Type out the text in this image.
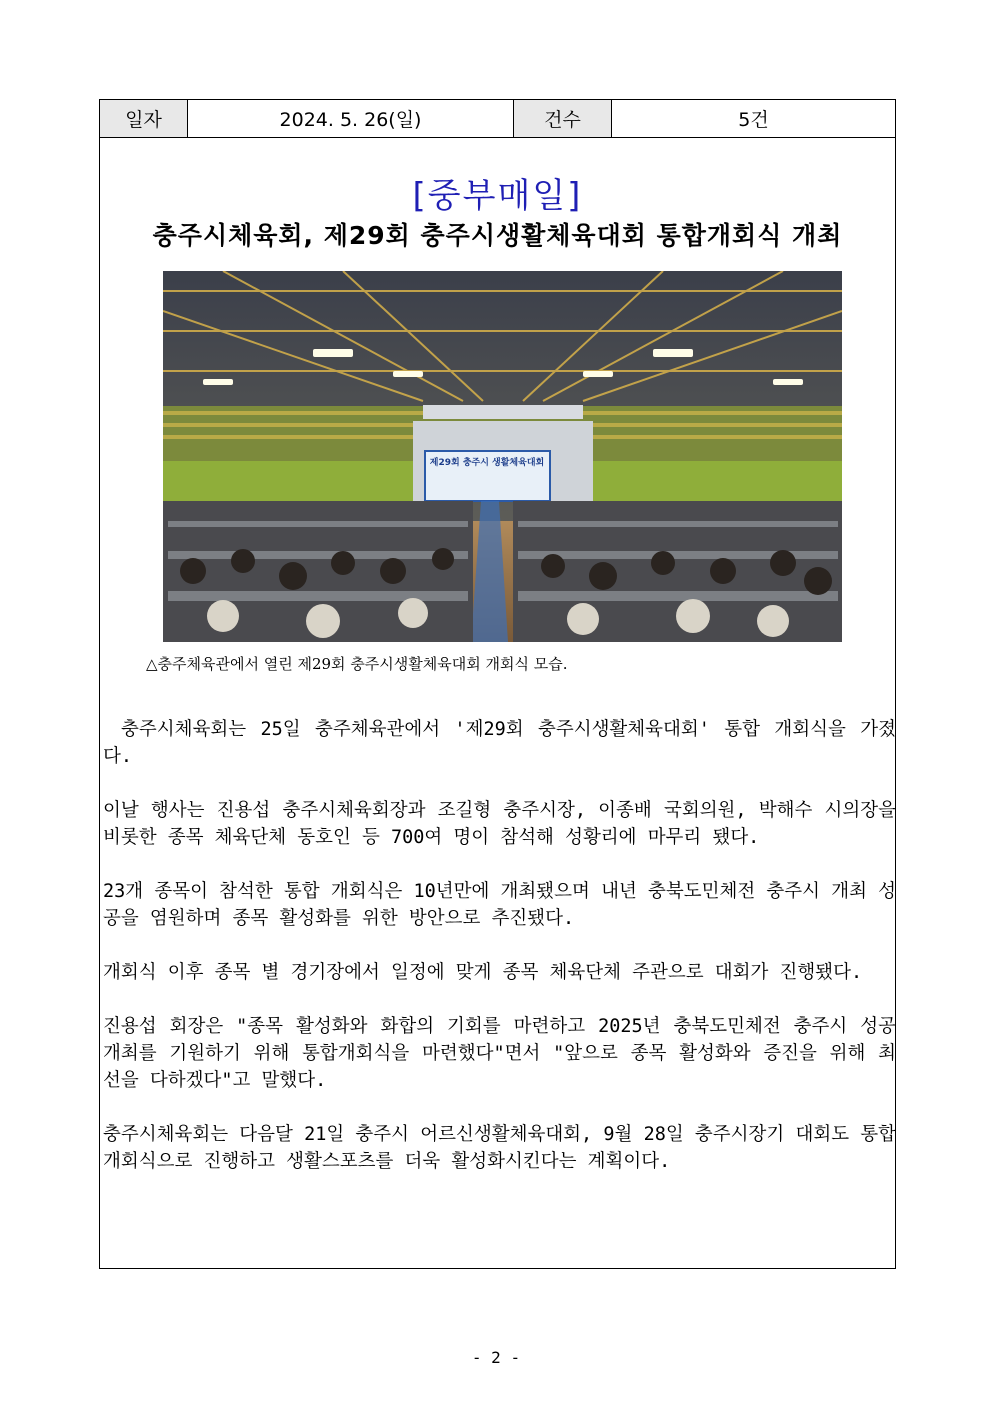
일자	2024. 5. 26(일)	건수	5건
[중부매일]
충주시체육회, 제29회 충주시생활체육대회 통합개회식 개최
제29회 충주시 생활체육대회
△충주체육관에서 열린 제29회 충주시생활체육대회 개회식 모습.

충주시체육회는 25일 충주체육관에서 '제29회 충주시생활체육대회' 통합 개회식을 가졌다.

이날 행사는 진용섭 충주시체육회장과 조길형 충주시장, 이종배 국회의원, 박해수 시의장을 비롯한 종목 체육단체 동호인 등 700여 명이 참석해 성황리에 마무리 됐다.

23개 종목이 참석한 통합 개회식은 10년만에 개최됐으며 내년 충북도민체전 충주시 개최 성공을 염원하며 종목 활성화를 위한 방안으로 추진됐다.

개회식 이후 종목 별 경기장에서 일정에 맞게 종목 체육단체 주관으로 대회가 진행됐다.

진용섭 회장은 "종목 활성화와 화합의 기회를 마련하고 2025년 충북도민체전 충주시 성공 개최를 기원하기 위해 통합개회식을 마련했다"면서 "앞으로 종목 활성화와 증진을 위해 최선을 다하겠다"고 말했다.

충주시체육회는 다음달 21일 충주시 어르신생활체육대회, 9월 28일 충주시장기 대회도 통합개회식으로 진행하고 생활스포츠를 더욱 활성화시킨다는 계획이다.

- 2 -
